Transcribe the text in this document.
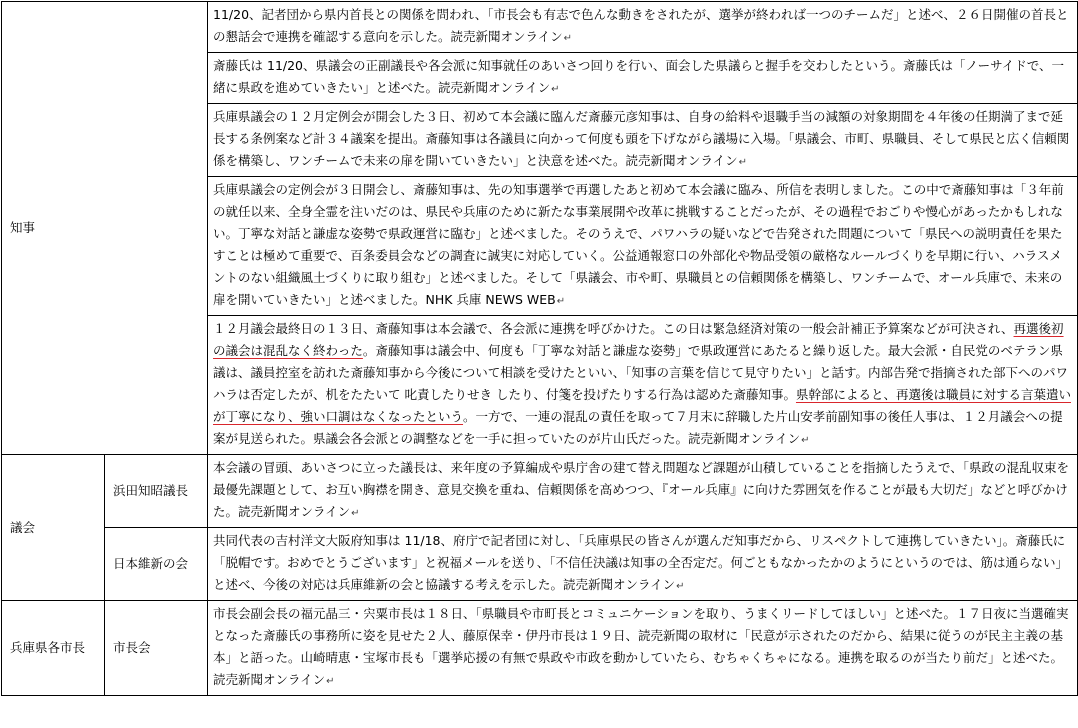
知事		11/20、記者団から県内首長との関係を問われ、「市長会も有志で色んな動きをされたが、選挙が終われば一つのチームだ」と述べ、２６日開催の首長との懇話会で連携を確認する意向を示した。読売新聞オンライン↵
		斎藤氏は 11/20、県議会の正副議長や各会派に知事就任のあいさつ回りを行い、面会した県議らと握手を交わしたという。斎藤氏は「ノーサイドで、一緒に県政を進めていきたい」と述べた。読売新聞オンライン↵
		兵庫県議会の１２月定例会が開会した３日、初めて本会議に臨んだ斎藤元彦知事は、自身の給料や退職手当の減額の対象期間を４年後の任期満了まで延長する条例案など計３４議案を提出。斎藤知事は各議員に向かって何度も頭を下げながら議場に入場。「県議会、市町、県職員、そして県民と広く信頼関係を構築し、ワンチームで未来の扉を開いていきたい」と決意を述べた。読売新聞オンライン↵
		兵庫県議会の定例会が３日開会し、斎藤知事は、先の知事選挙で再選したあと初めて本会議に臨み、所信を表明しました。この中で斎藤知事は「３年前の就任以来、全身全霊を注いだのは、県民や兵庫のために新たな事業展開や改革に挑戦することだったが、その過程でおごりや慢心があったかもしれない。丁寧な対話と謙虚な姿勢で県政運営に臨む」と述べました。そのうえで、パワハラの疑いなどで告発された問題について「県民への説明責任を果たすことは極めて重要で、百条委員会などの調査に誠実に対応していく。公益通報窓口の外部化や物品受領の厳格なルールづくりを早期に行い、ハラスメントのない組織風土づくりに取り組む」と述べました。そして「県議会、市や町、県職員との信頼関係を構築し、ワンチームで、オール兵庫で、未来の扉を開いていきたい」と述べました。NHK 兵庫 NEWS WEB↵
		１２月議会最終日の１３日、斎藤知事は本会議で、各会派に連携を呼びかけた。この日は緊急経済対策の一般会計補正予算案などが可決され、再選後初の議会は混乱なく終わった。斎藤知事は議会中、何度も「丁寧な対話と謙虚な姿勢」で県政運営にあたると繰り返した。最大会派・自民党のベテラン県議は、議員控室を訪れた斎藤知事から今後について相談を受けたといい、「知事の言葉を信じて見守りたい」と話す。内部告発で指摘された部下へのパワハラは否定したが、机をたたいて 叱責したりせき したり、付箋を投げたりする行為は認めた斎藤知事。県幹部によると、再選後は職員に対する言葉遣いが丁寧になり、強い口調はなくなったという。一方で、一連の混乱の責任を取って７月末に辞職した片山安孝前副知事の後任人事は、１２月議会への提案が見送られた。県議会各会派との調整などを一手に担っていたのが片山氏だった。読売新聞オンライン↵
議会	浜田知昭議長	本会議の冒頭、あいさつに立った議長は、来年度の予算編成や県庁舎の建て替え問題など課題が山積していることを指摘したうえで、「県政の混乱収束を最優先課題として、お互い胸襟を開き、意見交換を重ね、信頼関係を高めつつ、『オール兵庫』に向けた雰囲気を作ることが最も大切だ」などと呼びかけた。読売新聞オンライン↵
	日本維新の会	共同代表の吉村洋文大阪府知事は 11/18、府庁で記者団に対し、「兵庫県民の皆さんが選んだ知事だから、リスペクトして連携していきたい」。斎藤氏に「脱帽です。おめでとうございます」と祝福メールを送り、「不信任決議は知事の全否定だ。何ごともなかったかのようにというのでは、筋は通らない」と述べ、今後の対応は兵庫維新の会と協議する考えを示した。読売新聞オンライン↵
兵庫県各市長	市長会	市長会副会長の福元晶三・宍粟市長は１８日、「県職員や市町長とコミュニケーションを取り、うまくリードしてほしい」と述べた。１７日夜に当選確実となった斎藤氏の事務所に姿を見せた２人、藤原保幸・伊丹市長は１９日、読売新聞の取材に「民意が示されたのだから、結果に従うのが民主主義の基本」と語った。山崎晴恵・宝塚市長も「選挙応援の有無で県政や市政を動かしていたら、むちゃくちゃになる。連携を取るのが当たり前だ」と述べた。読売新聞オンライン↵
